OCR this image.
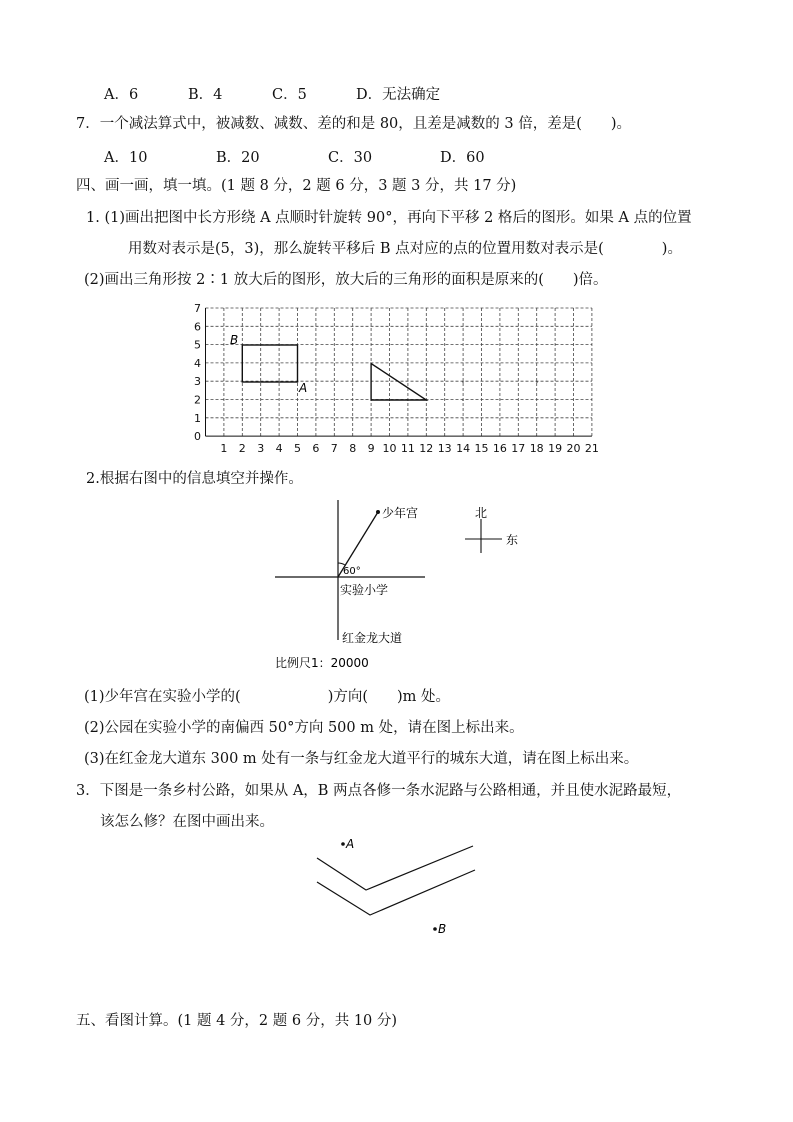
A．6	B．4	C．5	D．无法确定
7．一个减法算式中，被减数、减数、差的和是 80，且差是减数的 3 倍，差是(　　)。
A．10	B．20	C．30	D．60
四、画一画，填一填。(1 题 8 分，2 题 6 分，3 题 3 分，共 17 分)
1. (1)画出把图中长方形绕 A 点顺时针旋转 90°，再向下平移 2 格后的图形。如果 A 点的位置
用数对表示是(5，3)，那么旋转平移后 B 点对应的点的位置用数对表示是(　　　　)。
(2)画出三角形按 2∶1 放大后的图形，放大后的三角形的面积是原来的(　　)倍。
1 2 3 4 5 6 7 8 9 10 11 12 13 14 15 16 17 18 19 20 21
0
1
2
3
4
5
6
7
B
A
2.根据右图中的信息填空并操作。
少年宫
60°
实验小学
红金龙大道
比例尺1：20000
北
东
(1)少年宫在实验小学的(　　　　　　)方向(　　)m 处。
(2)公园在实验小学的南偏西 50°方向 500 m 处，请在图上标出来。
(3)在红金龙大道东 300 m 处有一条与红金龙大道平行的城东大道，请在图上标出来。
3．下图是一条乡村公路，如果从 A，B 两点各修一条水泥路与公路相通，并且使水泥路最短，
该怎么修？在图中画出来。
A
B
五、看图计算。(1 题 4 分，2 题 6 分，共 10 分)
